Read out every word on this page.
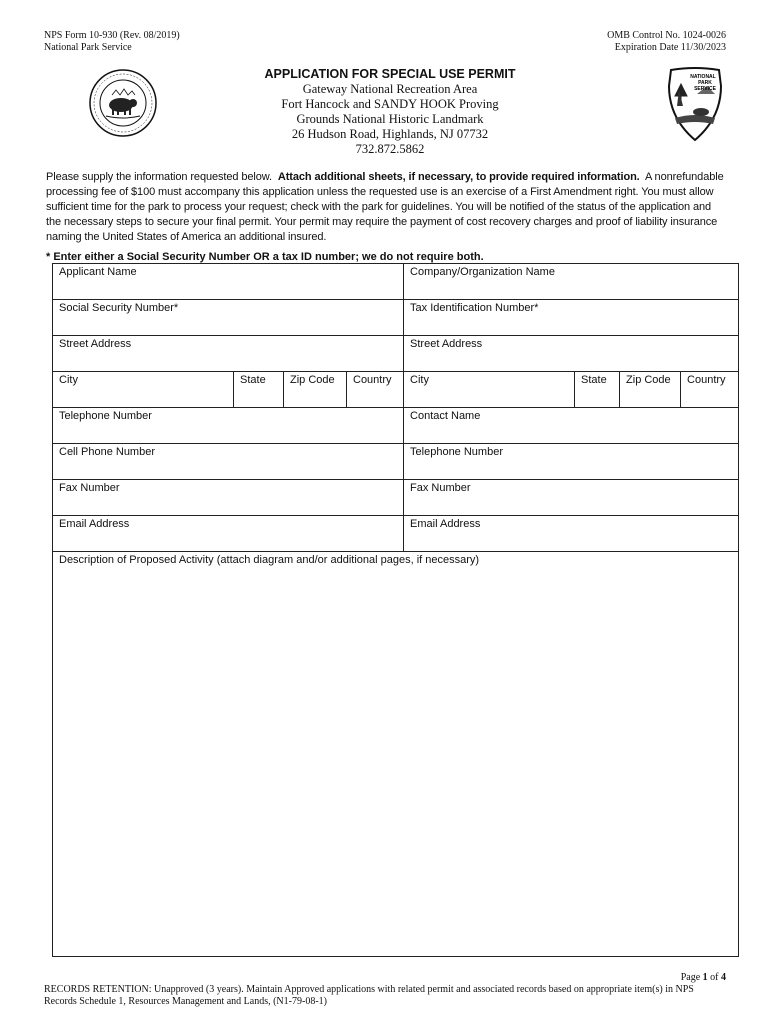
NPS Form 10-930 (Rev. 08/2019)
National Park Service
OMB Control No. 1024-0026
Expiration Date 11/30/2023
APPLICATION FOR SPECIAL USE PERMIT
Gateway National Recreation Area
Fort Hancock and SANDY HOOK Proving
Grounds National Historic Landmark
26 Hudson Road, Highlands, NJ 07732
732.872.5862
NATIONAL
PARK
SERVICE
Please supply the information requested below. Attach additional sheets, if necessary, to provide required information. A nonrefundable processing fee of $100 must accompany this application unless the requested use is an exercise of a First Amendment right. You must allow sufficient time for the park to process your request; check with the park for guidelines. You will be notified of the status of the application and the necessary steps to secure your final permit. Your permit may require the payment of cost recovery charges and proof of liability insurance naming the United States of America an additional insured.
* Enter either a Social Security Number OR a tax ID number; we do not require both.
Applicant Name				Company/Organization Name			
Social Security Number*				Tax Identification Number*			
Street Address				Street Address			
City	State	Zip Code	Country	City	State	Zip Code	Country
Telephone Number				Contact Name			
Cell Phone Number				Telephone Number			
Fax Number				Fax Number			
Email Address				Email Address			
Description of Proposed Activity (attach diagram and/or additional pages, if necessary)							
Page 1 of 4
RECORDS RETENTION: Unapproved (3 years). Maintain Approved applications with related permit and associated records based on appropriate item(s) in NPS Records Schedule 1, Resources Management and Lands, (N1-79-08-1)
